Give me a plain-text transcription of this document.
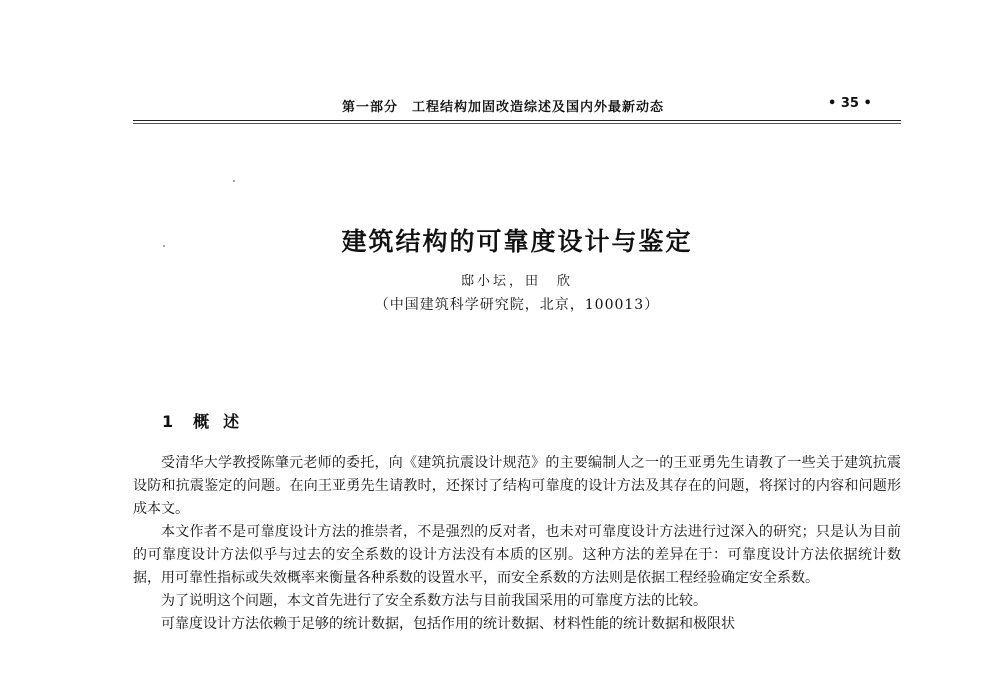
第一部分　工程结构加固改造综述及国内外最新动态	• 35 •
建筑结构的可靠度设计与鉴定
邸小坛，田　欣
（中国建筑科学研究院，北京，100013）
1 概述

受清华大学教授陈肇元老师的委托，向《建筑抗震设计规范》的主要编制人之一的王亚勇先生请教了一些关于建筑抗震设防和抗震鉴定的问题。在向王亚勇先生请教时，还探讨了结构可靠度的设计方法及其存在的问题，将探讨的内容和问题形成本文。

本文作者不是可靠度设计方法的推崇者，不是强烈的反对者，也未对可靠度设计方法进行过深入的研究；只是认为目前的可靠度设计方法似乎与过去的安全系数的设计方法没有本质的区别。这种方法的差异在于：可靠度设计方法依据统计数据，用可靠性指标或失效概率来衡量各种系数的设置水平，而安全系数的方法则是依据工程经验确定安全系数。

为了说明这个问题，本文首先进行了安全系数方法与目前我国采用的可靠度方法的比较。

可靠度设计方法依赖于足够的统计数据，包括作用的统计数据、材料性能的统计数据和极限状
